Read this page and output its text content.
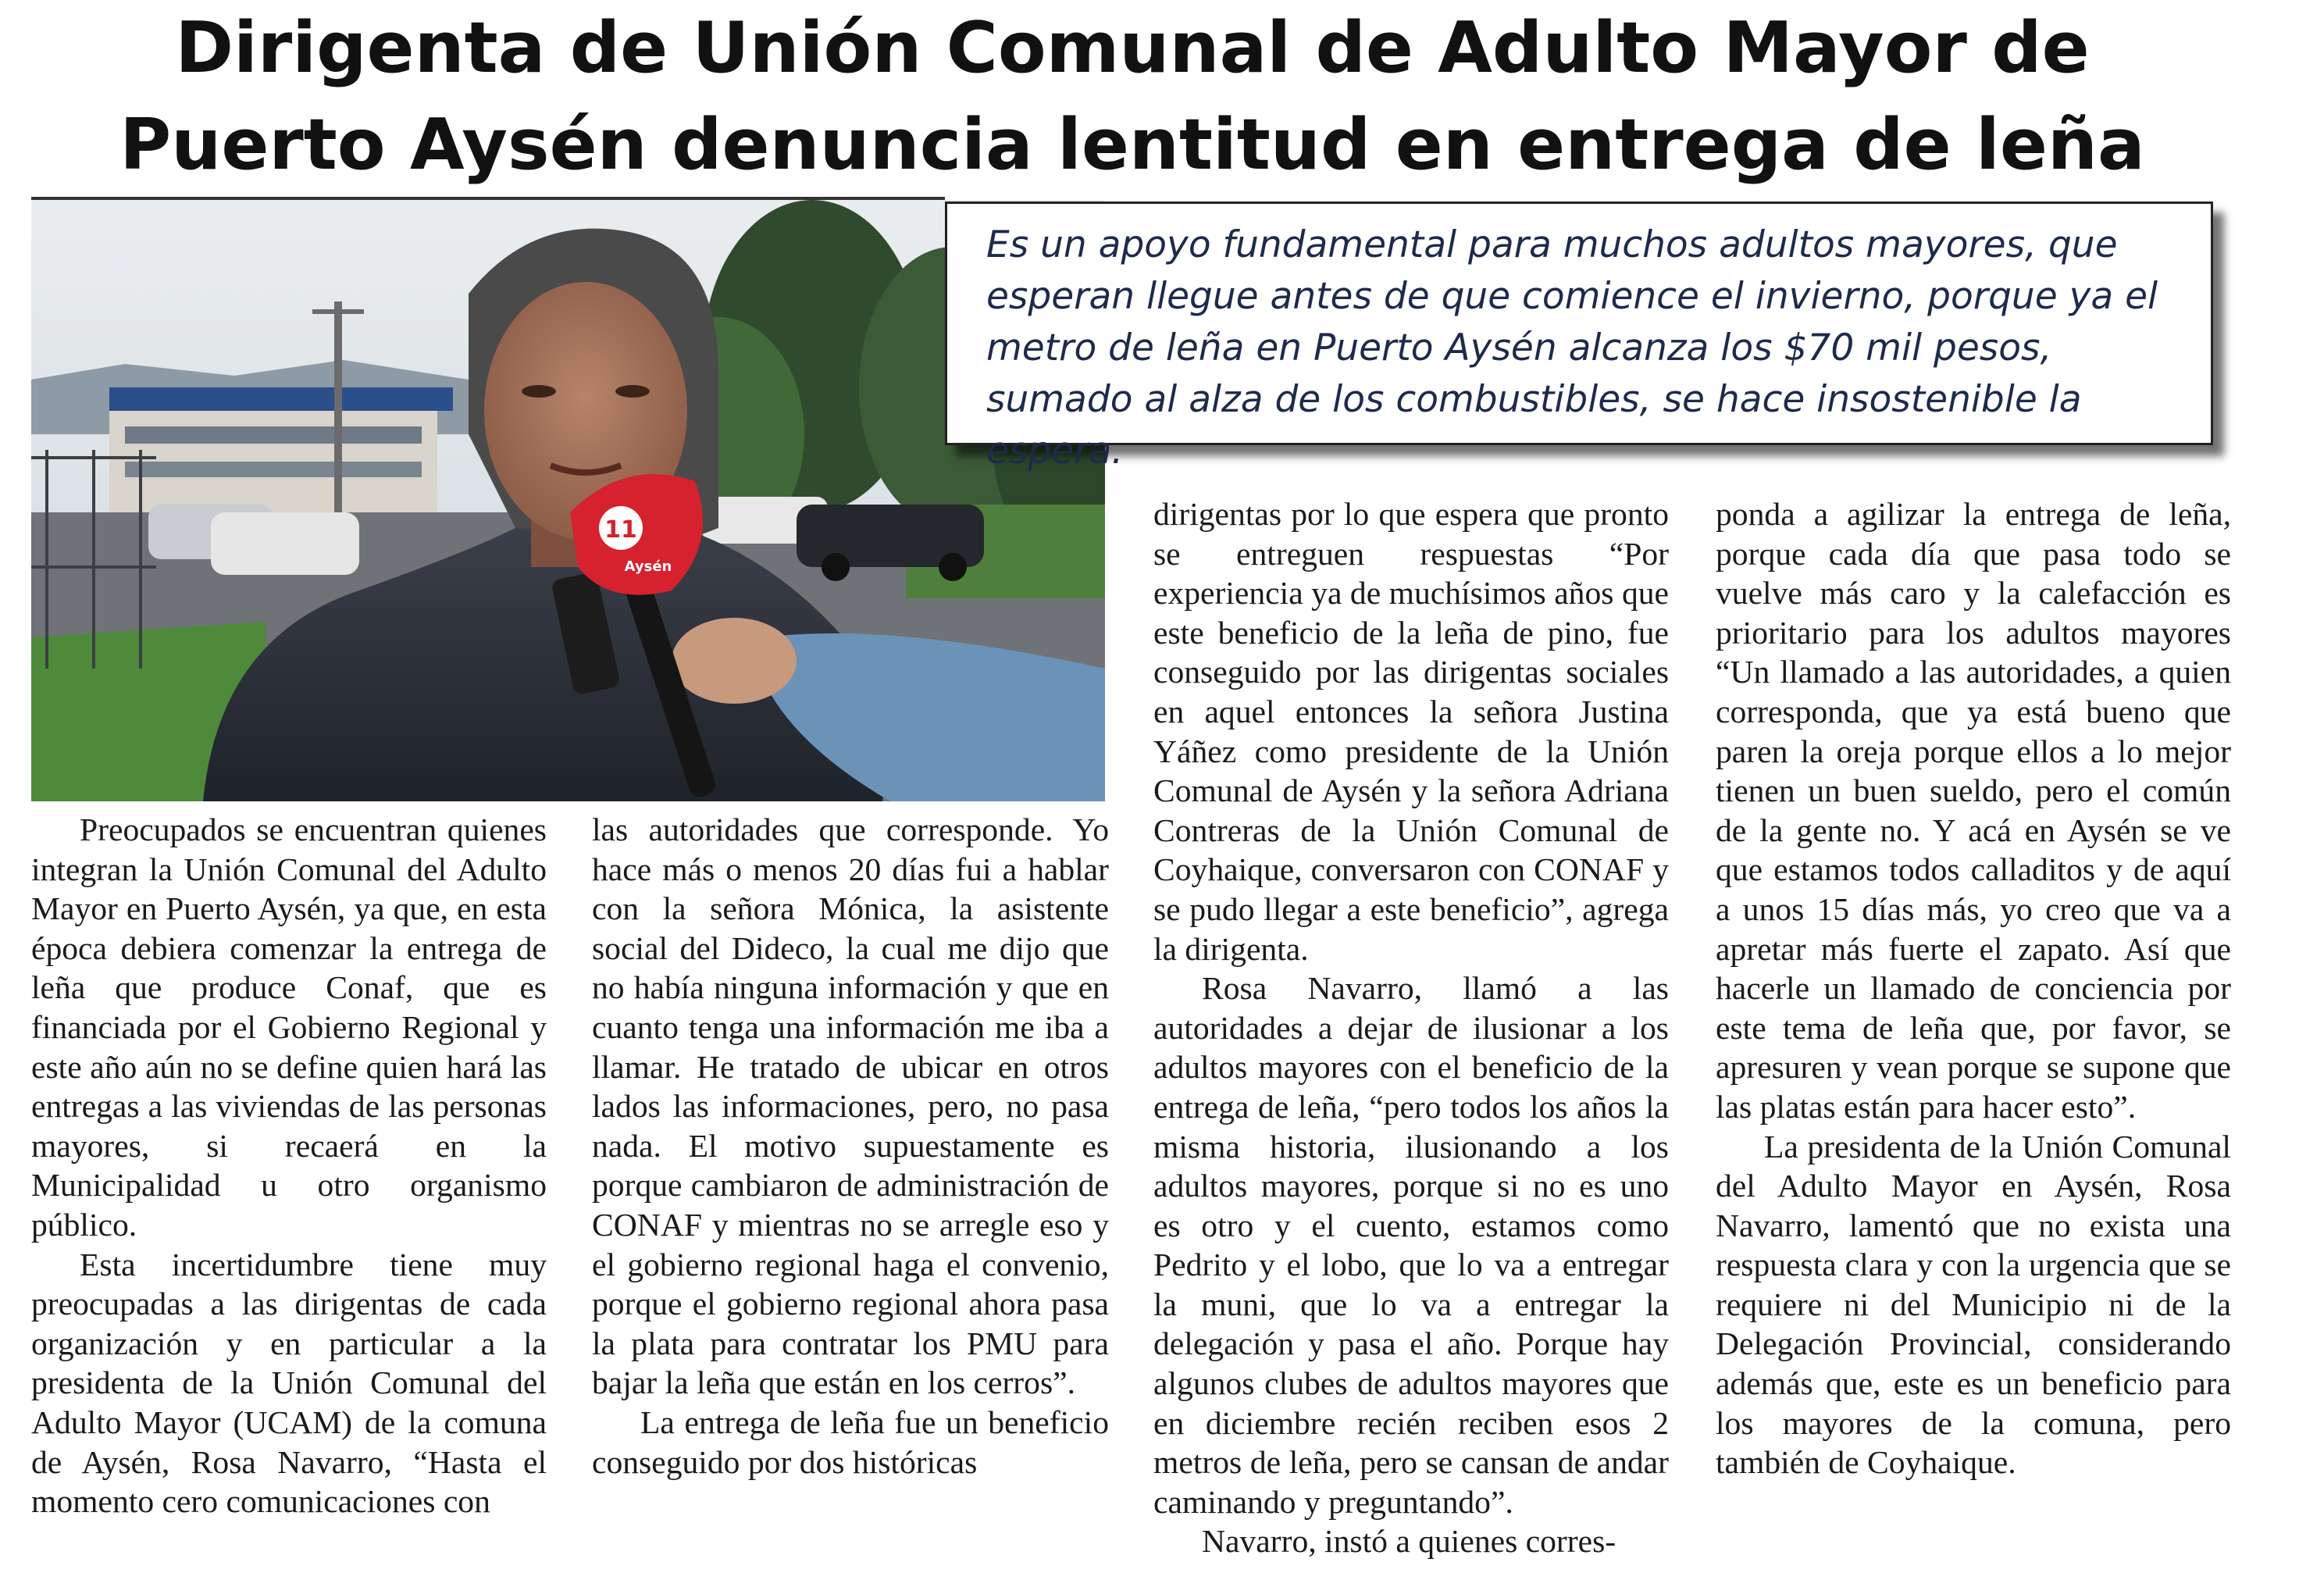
Dirigenta de Unión Comunal de Adulto Mayor de Puerto Aysén denuncia lentitud en entrega de leña
11
Aysén

Es un apoyo fundamental para muchos adultos mayores, que esperan llegue antes de que comience el invierno, porque ya el metro de leña en Puerto Aysén alcanza los $70 mil pesos, sumado al alza de los combustibles, se hace insostenible la espera.

Preocupados se encuentran quienes integran la Unión Comunal del Adulto Mayor en Puerto Aysén, ya que, en esta época debiera comenzar la entrega de leña que produce Conaf, que es financiada por el Gobierno Regional y este año aún no se define quien hará las entregas a las viviendas de las personas mayores, si recaerá en la Municipalidad u otro organismo público.

Esta incertidumbre tiene muy preocupadas a las dirigentas de cada organización y en particular a la presidenta de la Unión Comunal del Adulto Mayor (UCAM) de la comuna de Aysén, Rosa Navarro, “Hasta el momento cero comunicaciones con

las autoridades que corresponde. Yo hace más o menos 20 días fui a hablar con la señora Mónica, la asistente social del Dideco, la cual me dijo que no había ninguna información y que en cuanto tenga una información me iba a llamar. He tratado de ubicar en otros lados las informaciones, pero, no pasa nada. El motivo supuestamente es porque cambiaron de administración de CONAF y mientras no se arregle eso y el gobierno regional haga el convenio, porque el gobierno regional ahora pasa la plata para contratar los PMU para bajar la leña que están en los cerros”.

La entrega de leña fue un beneficio conseguido por dos históricas

dirigentas por lo que espera que pronto se entreguen respuestas “Por experiencia ya de muchísimos años que este beneficio de la leña de pino, fue conseguido por las dirigentas sociales en aquel entonces la señora Justina Yáñez como presidente de la Unión Comunal de Aysén y la señora Adriana Contreras de la Unión Comunal de Coyhaique, conversaron con CONAF y se pudo llegar a este beneficio”, agrega la dirigenta.

Rosa Navarro, llamó a las autoridades a dejar de ilusionar a los adultos mayores con el beneficio de la entrega de leña, “pero todos los años la misma historia, ilusionando a los adultos mayores, porque si no es uno es otro y el cuento, estamos como Pedrito y el lobo, que lo va a entregar la muni, que lo va a entregar la delegación y pasa el año. Porque hay algunos clubes de adultos mayores que en diciembre recién reciben esos 2 metros de leña, pero se cansan de andar caminando y preguntando”.

Navarro, instó a quienes corres-

ponda a agilizar la entrega de leña, porque cada día que pasa todo se vuelve más caro y la calefacción es prioritario para los adultos mayores “Un llamado a las autoridades, a quien corresponda, que ya está bueno que paren la oreja porque ellos a lo mejor tienen un buen sueldo, pero el común de la gente no. Y acá en Aysén se ve que estamos todos calladitos y de aquí a unos 15 días más, yo creo que va a apretar más fuerte el zapato. Así que hacerle un llamado de conciencia por este tema de leña que, por favor, se apresuren y vean porque se supone que las platas están para hacer esto”.

La presidenta de la Unión Comunal del Adulto Mayor en Aysén, Rosa Navarro, lamentó que no exista una respuesta clara y con la urgencia que se requiere ni del Municipio ni de la Delegación Provincial, considerando además que, este es un beneficio para los mayores de la comuna, pero también de Coyhaique.
